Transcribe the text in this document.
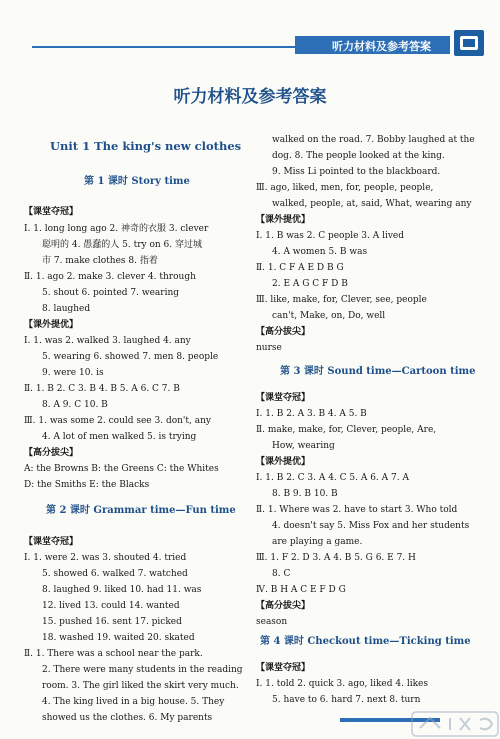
听力材料及参考答案
听力材料及参考答案
Unit 1 The king's new clothes
第 1 课时 Story time
【课堂夺冠】
Ⅰ. 1. long long ago 2. 神奇的衣服 3. clever
聪明的 4. 愚蠢的人 5. try on 6. 穿过城
市 7. make clothes 8. 指着
Ⅱ. 1. ago 2. make 3. clever 4. through
5. shout 6. pointed 7. wearing
8. laughed
【课外提优】
Ⅰ. 1. was 2. walked 3. laughed 4. any
5. wearing 6. showed 7. men 8. people
9. were 10. is
Ⅱ. 1. B 2. C 3. B 4. B 5. A 6. C 7. B
8. A 9. C 10. B
Ⅲ. 1. was some 2. could see 3. don't, any
4. A lot of men walked 5. is trying
【高分拔尖】
A: the Browns B: the Greens C: the Whites
D: the Smiths E: the Blacks
第 2 课时 Grammar time—Fun time
【课堂夺冠】
Ⅰ. 1. were 2. was 3. shouted 4. tried
5. showed 6. walked 7. watched
8. laughed 9. liked 10. had 11. was
12. lived 13. could 14. wanted
15. pushed 16. sent 17. picked
18. washed 19. waited 20. skated
Ⅱ. 1. There was a school near the park.
2. There were many students in the reading
room. 3. The girl liked the skirt very much.
4. The king lived in a big house. 5. They
showed us the clothes. 6. My parents
walked on the road. 7. Bobby laughed at the
dog. 8. The people looked at the king.
9. Miss Li pointed to the blackboard.
Ⅲ. ago, liked, men, for, people, people,
walked, people, at, said, What, wearing any
【课外提优】
Ⅰ. 1. B was 2. C people 3. A lived
4. A women 5. B was
Ⅱ. 1. C F A E D B G
2. E A G C F D B
Ⅲ. like, make, for, Clever, see, people
can't, Make, on, Do, well
【高分拔尖】
nurse
第 3 课时 Sound time—Cartoon time
【课堂夺冠】
Ⅰ. 1. B 2. A 3. B 4. A 5. B
Ⅱ. make, make, for, Clever, people, Are,
How, wearing
【课外提优】
Ⅰ. 1. B 2. C 3. A 4. C 5. A 6. A 7. A
8. B 9. B 10. B
Ⅱ. 1. Where was 2. have to start 3. Who told
4. doesn't say 5. Miss Fox and her students
are playing a game.
Ⅲ. 1. F 2. D 3. A 4. B 5. G 6. E 7. H
8. C
Ⅳ. B H A C E F D G
【高分拔尖】
season
第 4 课时 Checkout time—Ticking time
【课堂夺冠】
Ⅰ. 1. told 2. quick 3. ago, liked 4. likes
5. have to 6. hard 7. next 8. turn
